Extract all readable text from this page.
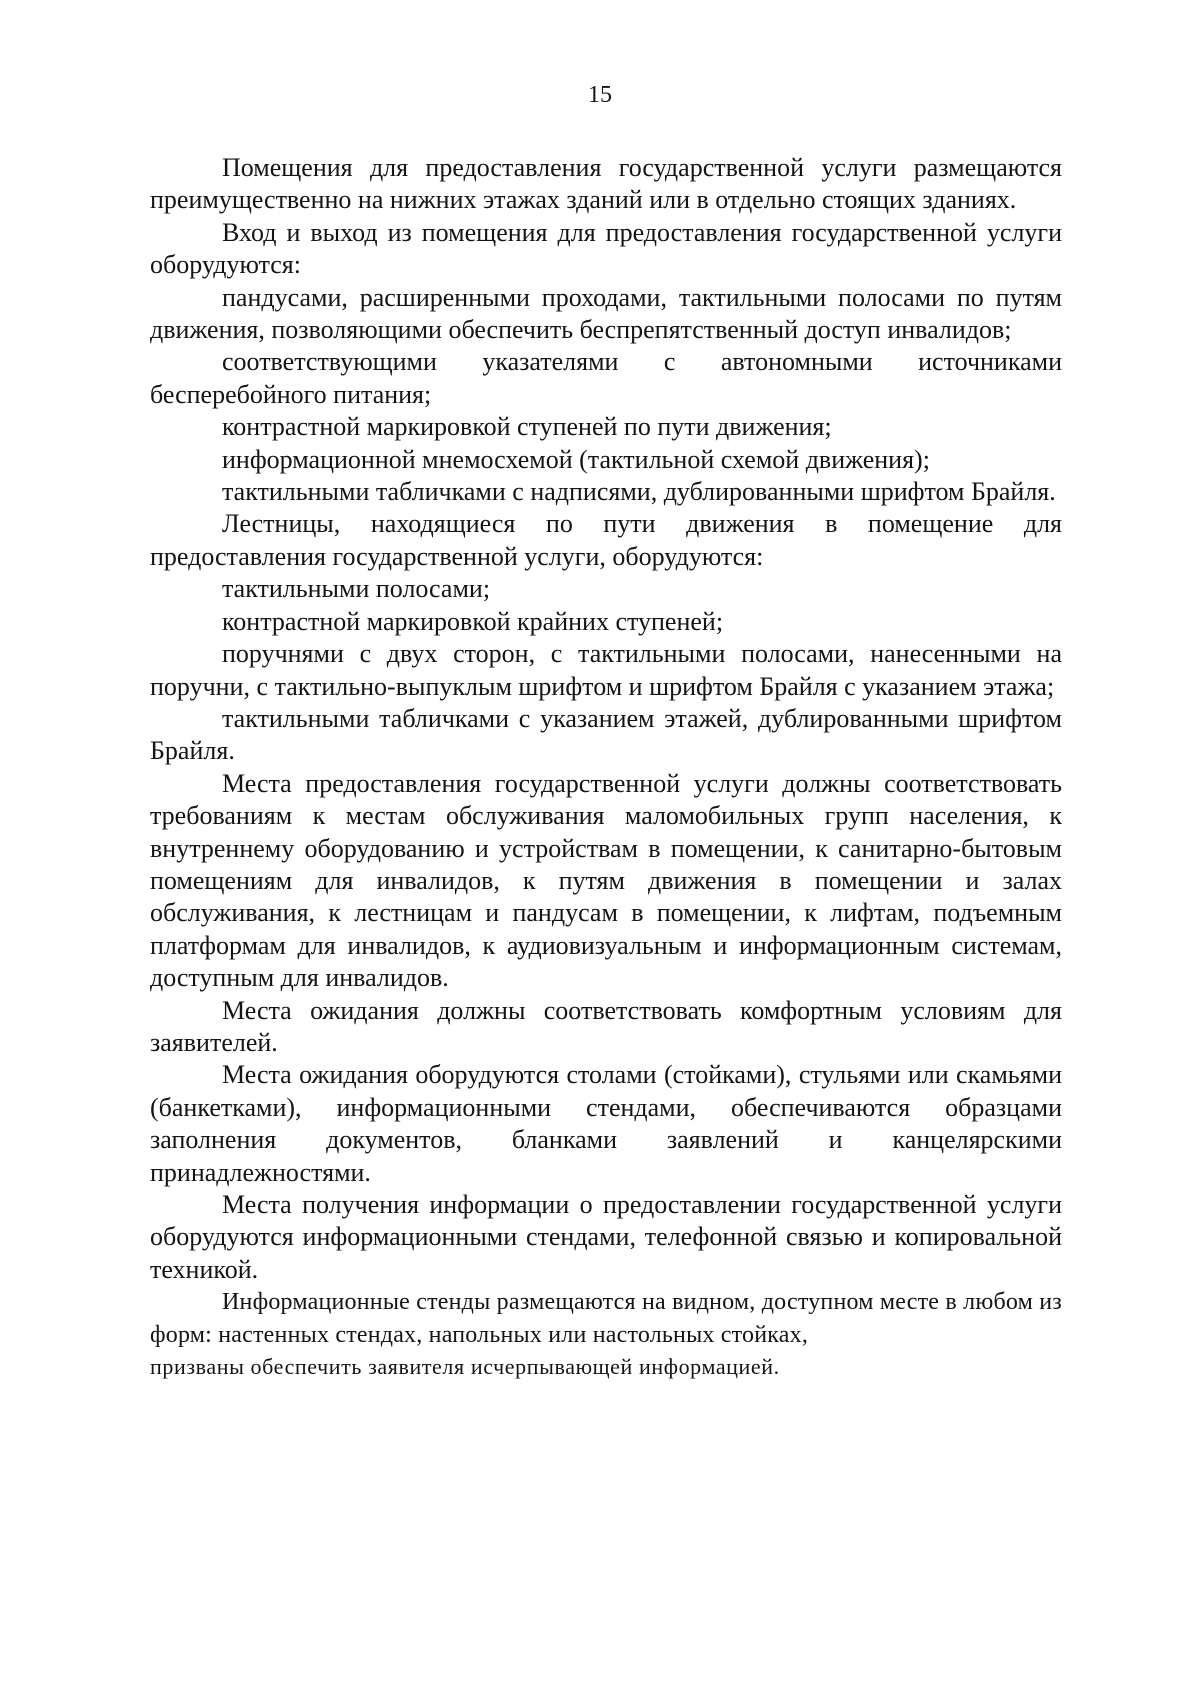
15

Помещения для предоставления государственной услуги размещаются преимущественно на нижних этажах зданий или в отдельно стоящих зданиях.

Вход и выход из помещения для предоставления государственной услуги оборудуются:

пандусами, расширенными проходами, тактильными полосами по путям движения, позволяющими обеспечить беспрепятственный доступ инвалидов;

соответствующими указателями с автономными источниками бесперебойного питания;

контрастной маркировкой ступеней по пути движения;

информационной мнемосхемой (тактильной схемой движения);

тактильными табличками с надписями, дублированными шрифтом Брайля.

Лестницы, находящиеся по пути движения в помещение для предоставления государственной услуги, оборудуются:

тактильными полосами;

контрастной маркировкой крайних ступеней;

поручнями с двух сторон, с тактильными полосами, нанесенными на поручни, с тактильно-выпуклым шрифтом и шрифтом Брайля с указанием этажа;

тактильными табличками с указанием этажей, дублированными шрифтом Брайля.

Места предоставления государственной услуги должны соответствовать требованиям к местам обслуживания маломобильных групп населения, к внутреннему оборудованию и устройствам в помещении, к санитарно-бытовым помещениям для инвалидов, к путям движения в помещении и залах обслуживания, к лестницам и пандусам в помещении, к лифтам, подъемным платформам для инвалидов, к аудиовизуальным и информационным системам, доступным для инвалидов.

Места ожидания должны соответствовать комфортным условиям для заявителей.

Места ожидания оборудуются столами (стойками), стульями или скамьями (банкетками), информационными стендами, обеспечиваются образцами заполнения документов, бланками заявлений и канцелярскими принадлежностями.

Места получения информации о предоставлении государственной услуги оборудуются информационными стендами, телефонной связью и копировальной техникой.

Информационные стенды размещаются на видном, доступном месте в любом из форм: настенных стендах, напольных или настольных стойках,

призваны обеспечить заявителя исчерпывающей информацией.
